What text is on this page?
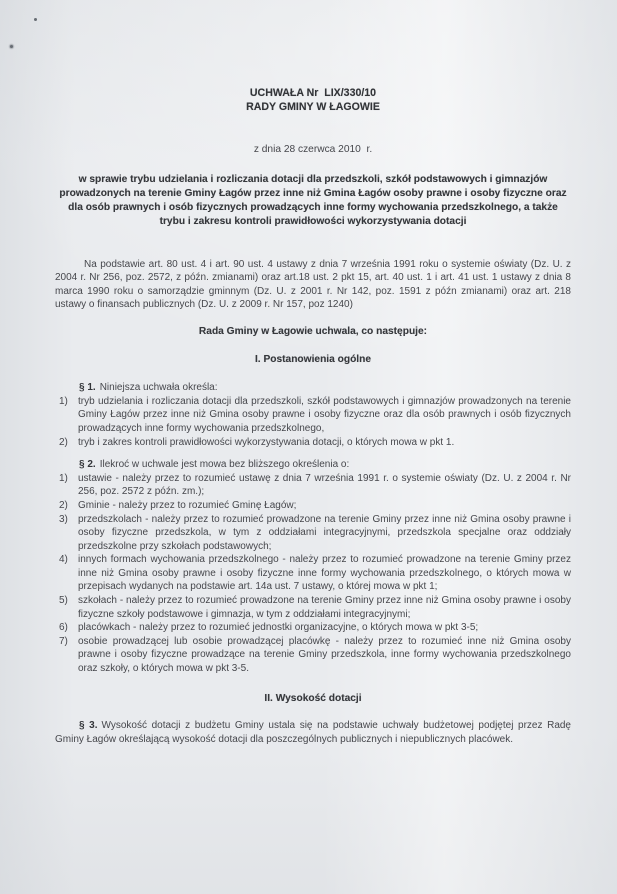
UCHWAŁA Nr  LIX/330/10
RADY GMINY W ŁAGOWIE
z dnia 28 czerwca 2010  r.
w sprawie trybu udzielania i rozliczania dotacji dla przedszkoli, szkół podstawowych i gimnazjów prowadzonych na terenie Gminy Łagów przez inne niż Gmina Łagów osoby prawne i osoby fizyczne oraz dla osób prawnych i osób fizycznych prowadzących inne formy wychowania przedszkolnego, a także trybu i zakresu kontroli prawidłowości wykorzystywania dotacji

Na podstawie art. 80 ust. 4 i art. 90 ust. 4 ustawy z dnia 7 września 1991 roku o systemie oświaty (Dz. U. z 2004 r. Nr 256, poz. 2572, z późn. zmianami) oraz art.18 ust. 2 pkt 15, art. 40 ust. 1 i art. 41 ust. 1 ustawy z dnia 8 marca 1990 roku o samorządzie gminnym (Dz. U. z 2001 r. Nr 142, poz. 1591 z późn zmianami) oraz art. 218 ustawy o finansach publicznych (Dz. U. z 2009 r. Nr 157, poz 1240)

Rada Gminy w Łagowie uchwala, co następuje:
I. Postanowienia ogólne

§ 1. Niniejsza uchwała określa:

1)	tryb udzielania i rozliczania dotacji dla przedszkoli, szkół podstawowych i gimnazjów prowadzonych na terenie Gminy Łagów przez inne niż Gmina osoby prawne i osoby fizyczne oraz dla osób prawnych i osób fizycznych prowadzących inne formy wychowania przedszkolnego,
2)	tryb i zakres kontroli prawidłowości wykorzystywania dotacji, o których mowa w pkt 1.

§ 2. Ilekroć w uchwale jest mowa bez bliższego określenia o:

1)	ustawie - należy przez to rozumieć ustawę z dnia 7 września 1991 r. o systemie oświaty (Dz. U. z 2004 r. Nr 256, poz. 2572 z późn. zm.);
2)	Gminie - należy przez to rozumieć Gminę Łagów;
3)	przedszkolach - należy przez to rozumieć prowadzone na terenie Gminy przez inne niż Gmina osoby prawne i osoby fizyczne przedszkola, w tym z oddziałami integracyjnymi, przedszkola specjalne oraz oddziały przedszkolne przy szkołach podstawowych;
4)	innych formach wychowania przedszkolnego - należy przez to rozumieć prowadzone na terenie Gminy przez inne niż Gmina osoby prawne i osoby fizyczne inne formy wychowania przedszkolnego, o których mowa w przepisach wydanych na podstawie art. 14a ust. 7 ustawy, o której mowa w pkt 1;
5)	szkołach - należy przez to rozumieć prowadzone na terenie Gminy przez inne niż Gmina osoby prawne i osoby fizyczne szkoły podstawowe i gimnazja, w tym z oddziałami integracyjnymi;
6)	placówkach - należy przez to rozumieć jednostki organizacyjne, o których mowa w pkt 3-5;
7)	osobie prowadzącej lub osobie prowadzącej placówkę - należy przez to rozumieć inne niż Gmina osoby prawne i osoby fizyczne prowadzące na terenie Gminy przedszkola, inne formy wychowania przedszkolnego oraz szkoły, o których mowa w pkt 3-5.
II. Wysokość dotacji

§ 3. Wysokość dotacji z budżetu Gminy ustala się na podstawie uchwały budżetowej podjętej przez Radę Gminy Łagów określającą wysokość dotacji dla poszczególnych publicznych i niepublicznych placówek.
